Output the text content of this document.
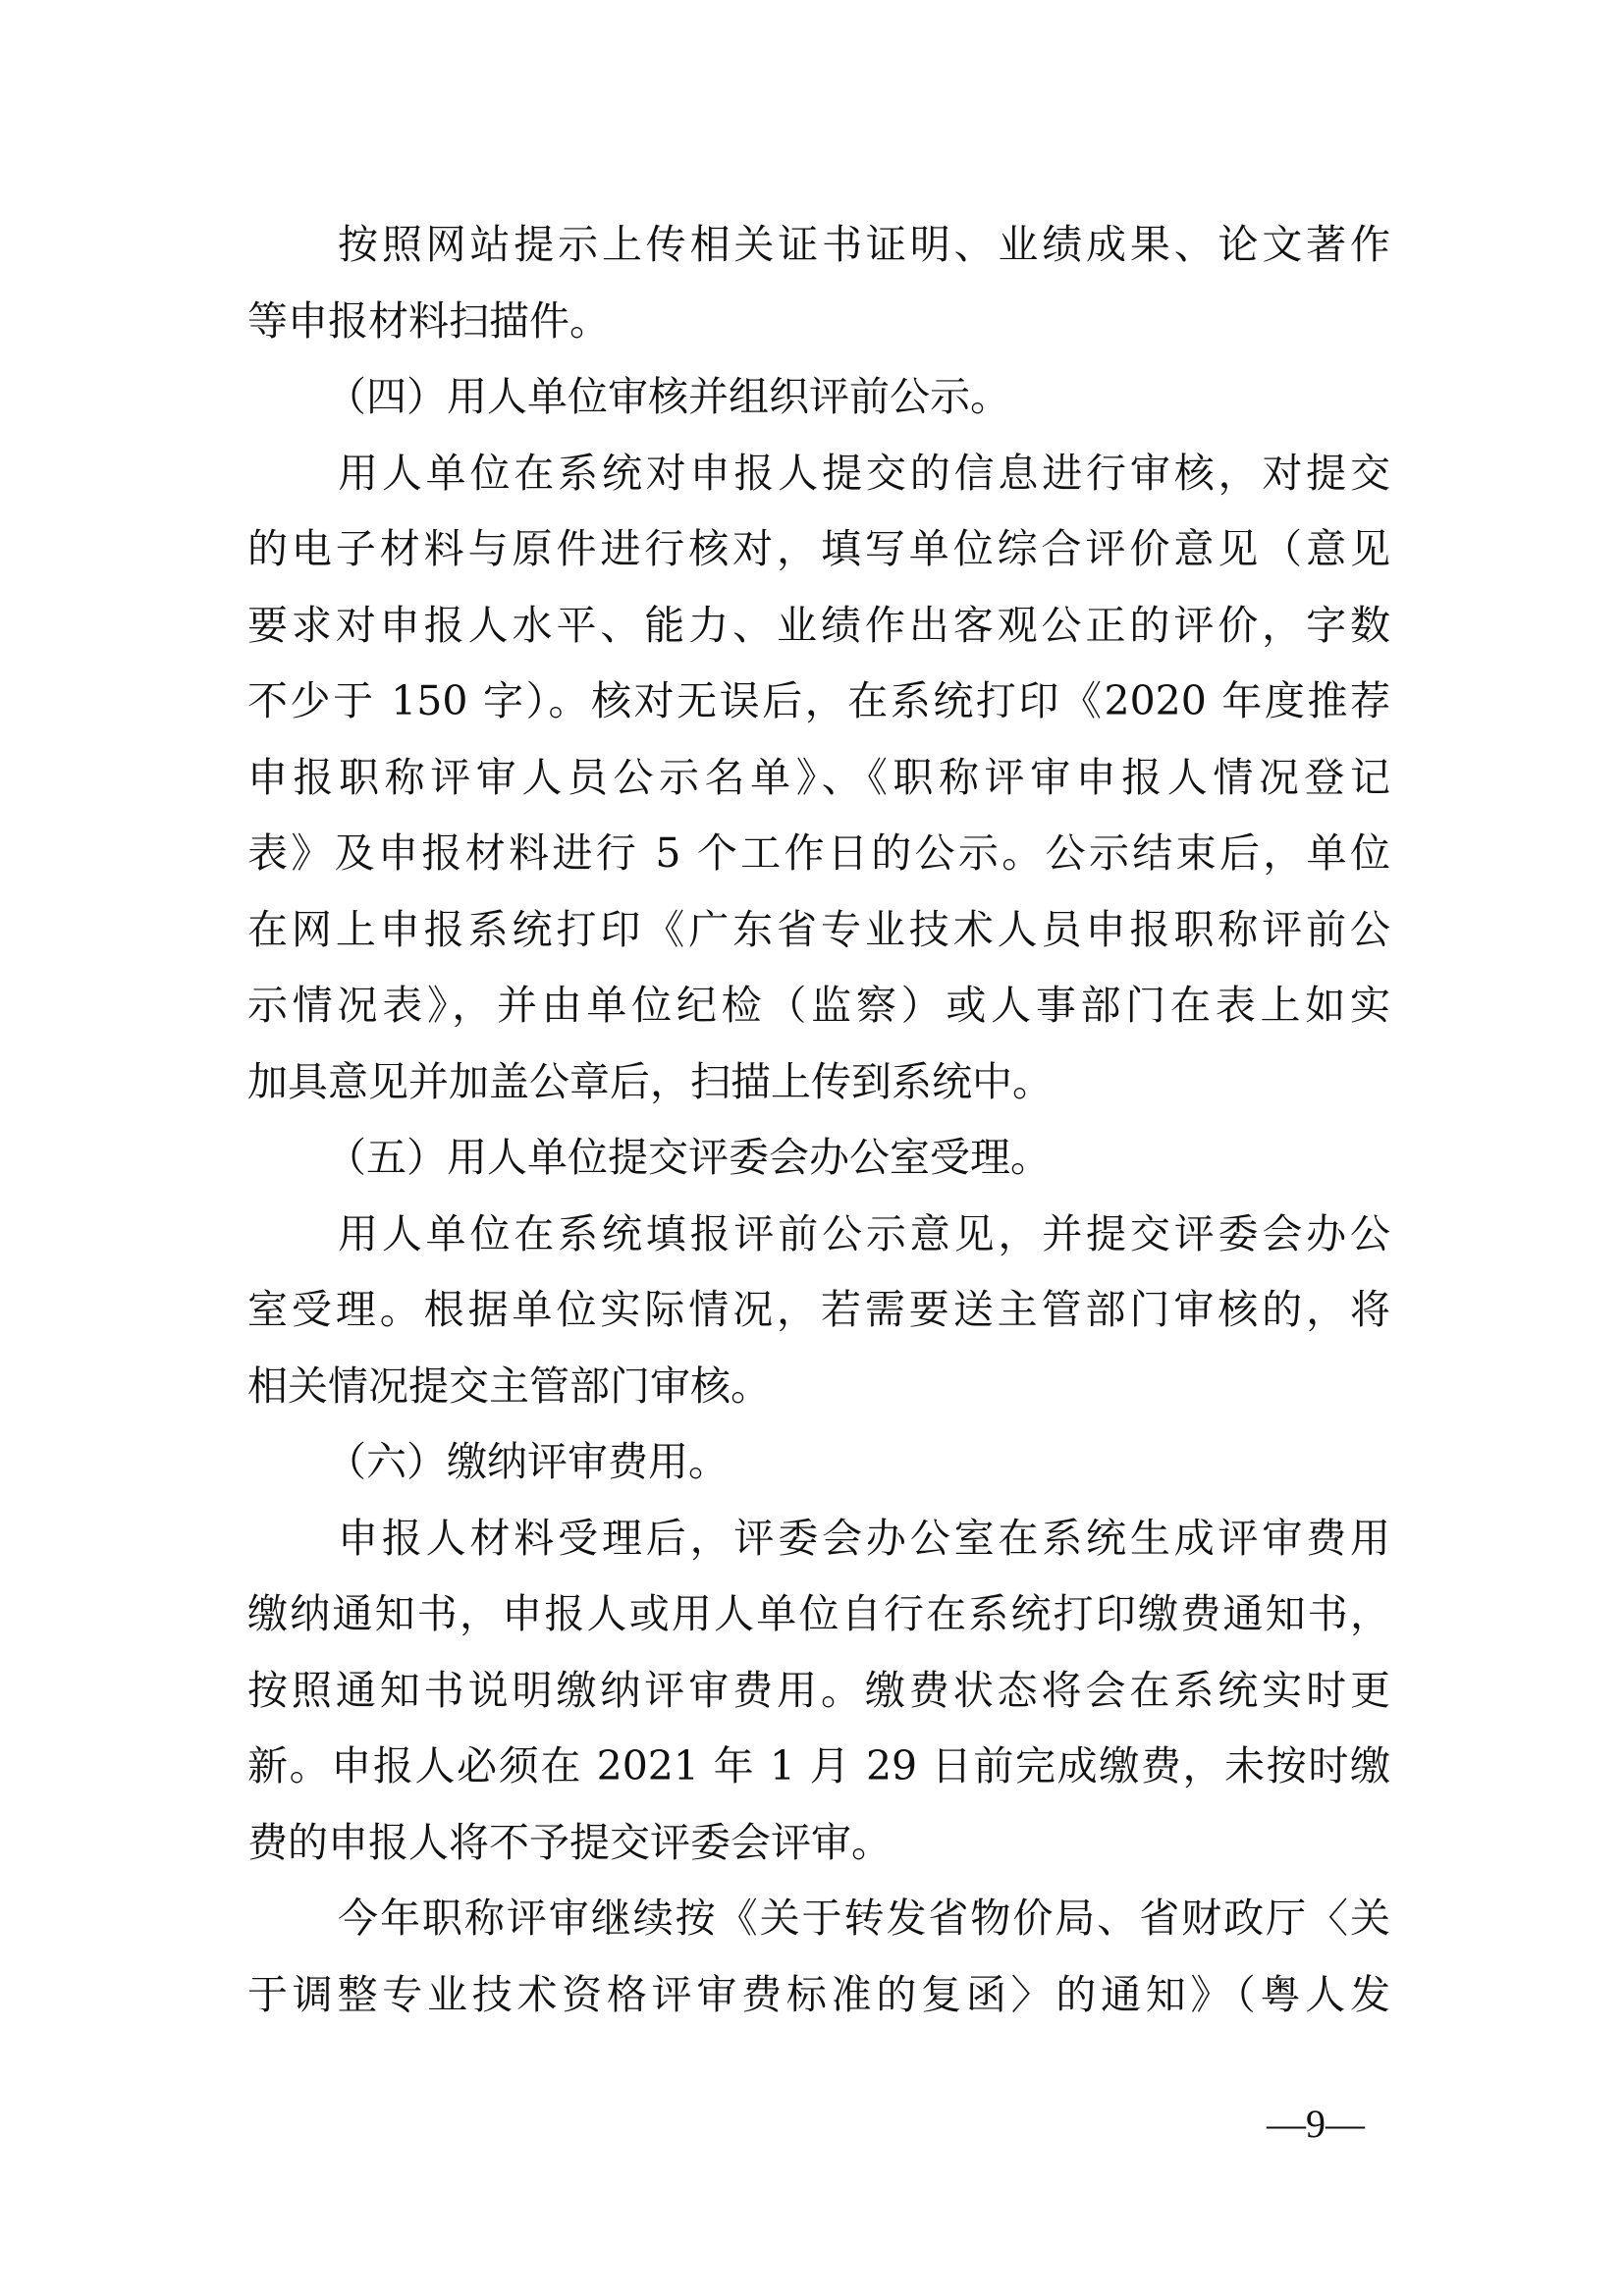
按照网站提示上传相关证书证明、业绩成果、论文著作
等申报材料扫描件。
（四）用人单位审核并组织评前公示。
用人单位在系统对申报人提交的信息进行审核，对提交
的电子材料与原件进行核对，填写单位综合评价意见（意见
要求对申报人水平、能力、业绩作出客观公正的评价，字数
不少于 150 字）。核对无误后，在系统打印《2020 年度推荐
申报职称评审人员公示名单》、《职称评审申报人情况登记
表》及申报材料进行 5 个工作日的公示。公示结束后，单位
在网上申报系统打印《广东省专业技术人员申报职称评前公
示情况表》，并由单位纪检（监察）或人事部门在表上如实
加具意见并加盖公章后，扫描上传到系统中。
（五）用人单位提交评委会办公室受理。
用人单位在系统填报评前公示意见，并提交评委会办公
室受理。根据单位实际情况，若需要送主管部门审核的，将
相关情况提交主管部门审核。
（六）缴纳评审费用。
申报人材料受理后，评委会办公室在系统生成评审费用
缴纳通知书，申报人或用人单位自行在系统打印缴费通知书，
按照通知书说明缴纳评审费用。缴费状态将会在系统实时更
新。申报人必须在 2021 年 1 月 29 日前完成缴费，未按时缴
费的申报人将不予提交评委会评审。
今年职称评审继续按《关于转发省物价局、省财政厅〈关
于调整专业技术资格评审费标准的复函〉的通知》（粤人发
—9—
